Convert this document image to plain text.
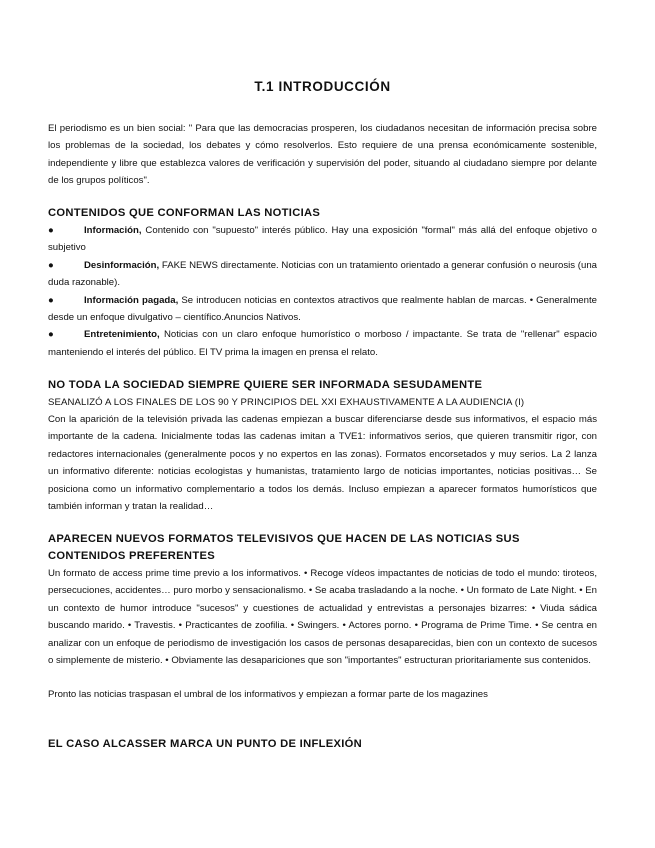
T.1 INTRODUCCIÓN

El periodismo es un bien social: " Para que las democracias prosperen, los ciudadanos necesitan de información precisa sobre los problemas de la sociedad, los debates y cómo resolverlos. Esto requiere de una prensa económicamente sostenible, independiente y libre que establezca valores de verificación y supervisión del poder, situando al ciudadano siempre por delante de los grupos políticos".

CONTENIDOS QUE CONFORMAN LAS NOTICIAS

●	Información, Contenido con "supuesto" interés público. Hay una exposición "formal" más allá del enfoque objetivo o subjetivo

●	Desinformación, FAKE NEWS directamente. Noticias con un tratamiento orientado a generar confusión o neurosis (una duda razonable).

●	Información pagada, Se introducen noticias en contextos atractivos que realmente hablan de marcas. • Generalmente desde un enfoque divulgativo – científico.Anuncios Nativos.

●	Entretenimiento, Noticias con un claro enfoque humorístico o morboso / impactante. Se trata de "rellenar" espacio manteniendo el interés del público. El TV prima la imagen en prensa el relato.

NO TODA LA SOCIEDAD SIEMPRE QUIERE SER INFORMADA SESUDAMENTE

SEANALIZÓ A LOS FINALES DE LOS 90 Y PRINCIPIOS DEL XXI EXHAUSTIVAMENTE A LA AUDIENCIA (I)

Con la aparición de la televisión privada las cadenas empiezan a buscar diferenciarse desde sus informativos, el espacio más importante de la cadena. Inicialmente todas las cadenas imitan a TVE1: informativos serios, que quieren transmitir rigor, con redactores internacionales (generalmente pocos y no expertos en las zonas). Formatos encorsetados y muy serios. La 2 lanza un informativo diferente: noticias ecologistas y humanistas, tratamiento largo de noticias importantes, noticias positivas… Se posiciona como un informativo complementario a todos los demás. Incluso empiezan a aparecer formatos humorísticos que también informan y tratan la realidad…

APARECEN NUEVOS FORMATOS TELEVISIVOS QUE HACEN DE LAS NOTICIAS SUS CONTENIDOS PREFERENTES

Un formato de access prime time previo a los informativos. • Recoge vídeos impactantes de noticias de todo el mundo: tiroteos, persecuciones, accidentes… puro morbo y sensacionalismo. • Se acaba trasladando a la noche. • Un formato de Late Night. • En un contexto de humor introduce "sucesos" y cuestiones de actualidad y entrevistas a personajes bizarres: • Viuda sádica buscando marido. • Travestis. • Practicantes de zoofilia. • Swingers. • Actores porno. • Programa de Prime Time. • Se centra en analizar con un enfoque de periodismo de investigación los casos de personas desaparecidas, bien con un contexto de sucesos o simplemente de misterio. • Obviamente las desapariciones que son "importantes" estructuran prioritariamente sus contenidos.

Pronto las noticias traspasan el umbral de los informativos y empiezan a formar parte de los magazines

EL CASO ALCASSER MARCA UN PUNTO DE INFLEXIÓN
